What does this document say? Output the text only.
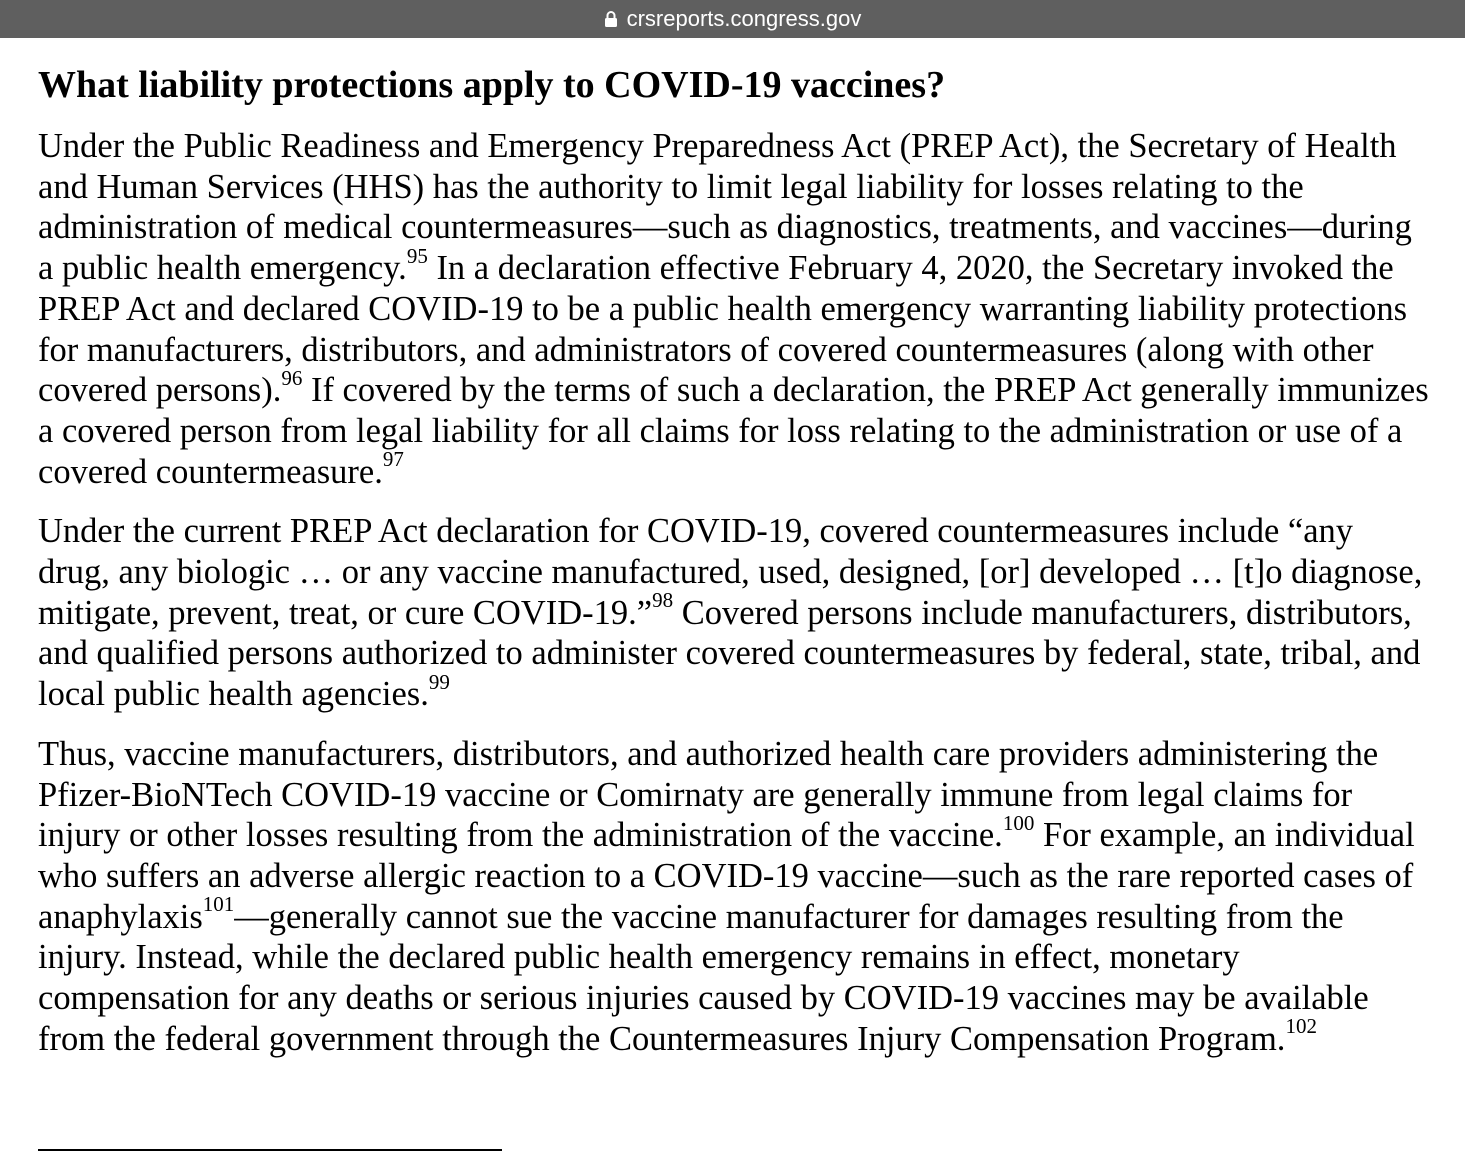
crsreports.congress.gov
What liability protections apply to COVID-19 vaccines?

Under the Public Readiness and Emergency Preparedness Act (PREP Act), the Secretary of Health and Human Services (HHS) has the authority to limit legal liability for losses relating to the administration of medical countermeasures—such as diagnostics, treatments, and vaccines—during a public health emergency.$^{95}$ In a declaration effective February 4, 2020, the Secretary invoked the PREP Act and declared COVID-19 to be a public health emergency warranting liability protections for manufacturers, distributors, and administrators of covered countermeasures (along with other covered persons).$^{96}$ If covered by the terms of such a declaration, the PREP Act generally immunizes a covered person from legal liability for all claims for loss relating to the administration or use of a covered countermeasure.$^{97}$

Under the current PREP Act declaration for COVID-19, covered countermeasures include “any drug, any biologic … or any vaccine manufactured, used, designed, [or] developed … [t]o diagnose, mitigate, prevent, treat, or cure COVID-19.”$^{98}$ Covered persons include manufacturers, distributors, and qualified persons authorized to administer covered countermeasures by federal, state, tribal, and local public health agencies.$^{99}$

Thus, vaccine manufacturers, distributors, and authorized health care providers administering the Pfizer-BioNTech COVID-19 vaccine or Comirnaty are generally immune from legal claims for injury or other losses resulting from the administration of the vaccine.$^{100}$ For example, an individual who suffers an adverse allergic reaction to a COVID-19 vaccine—such as the rare reported cases of anaphylaxis$^{101}$—generally cannot sue the vaccine manufacturer for damages resulting from the injury. Instead, while the declared public health emergency remains in effect, monetary compensation for any deaths or serious injuries caused by COVID-19 vaccines may be available from the federal government through the Countermeasures Injury Compensation Program.$^{102}$
